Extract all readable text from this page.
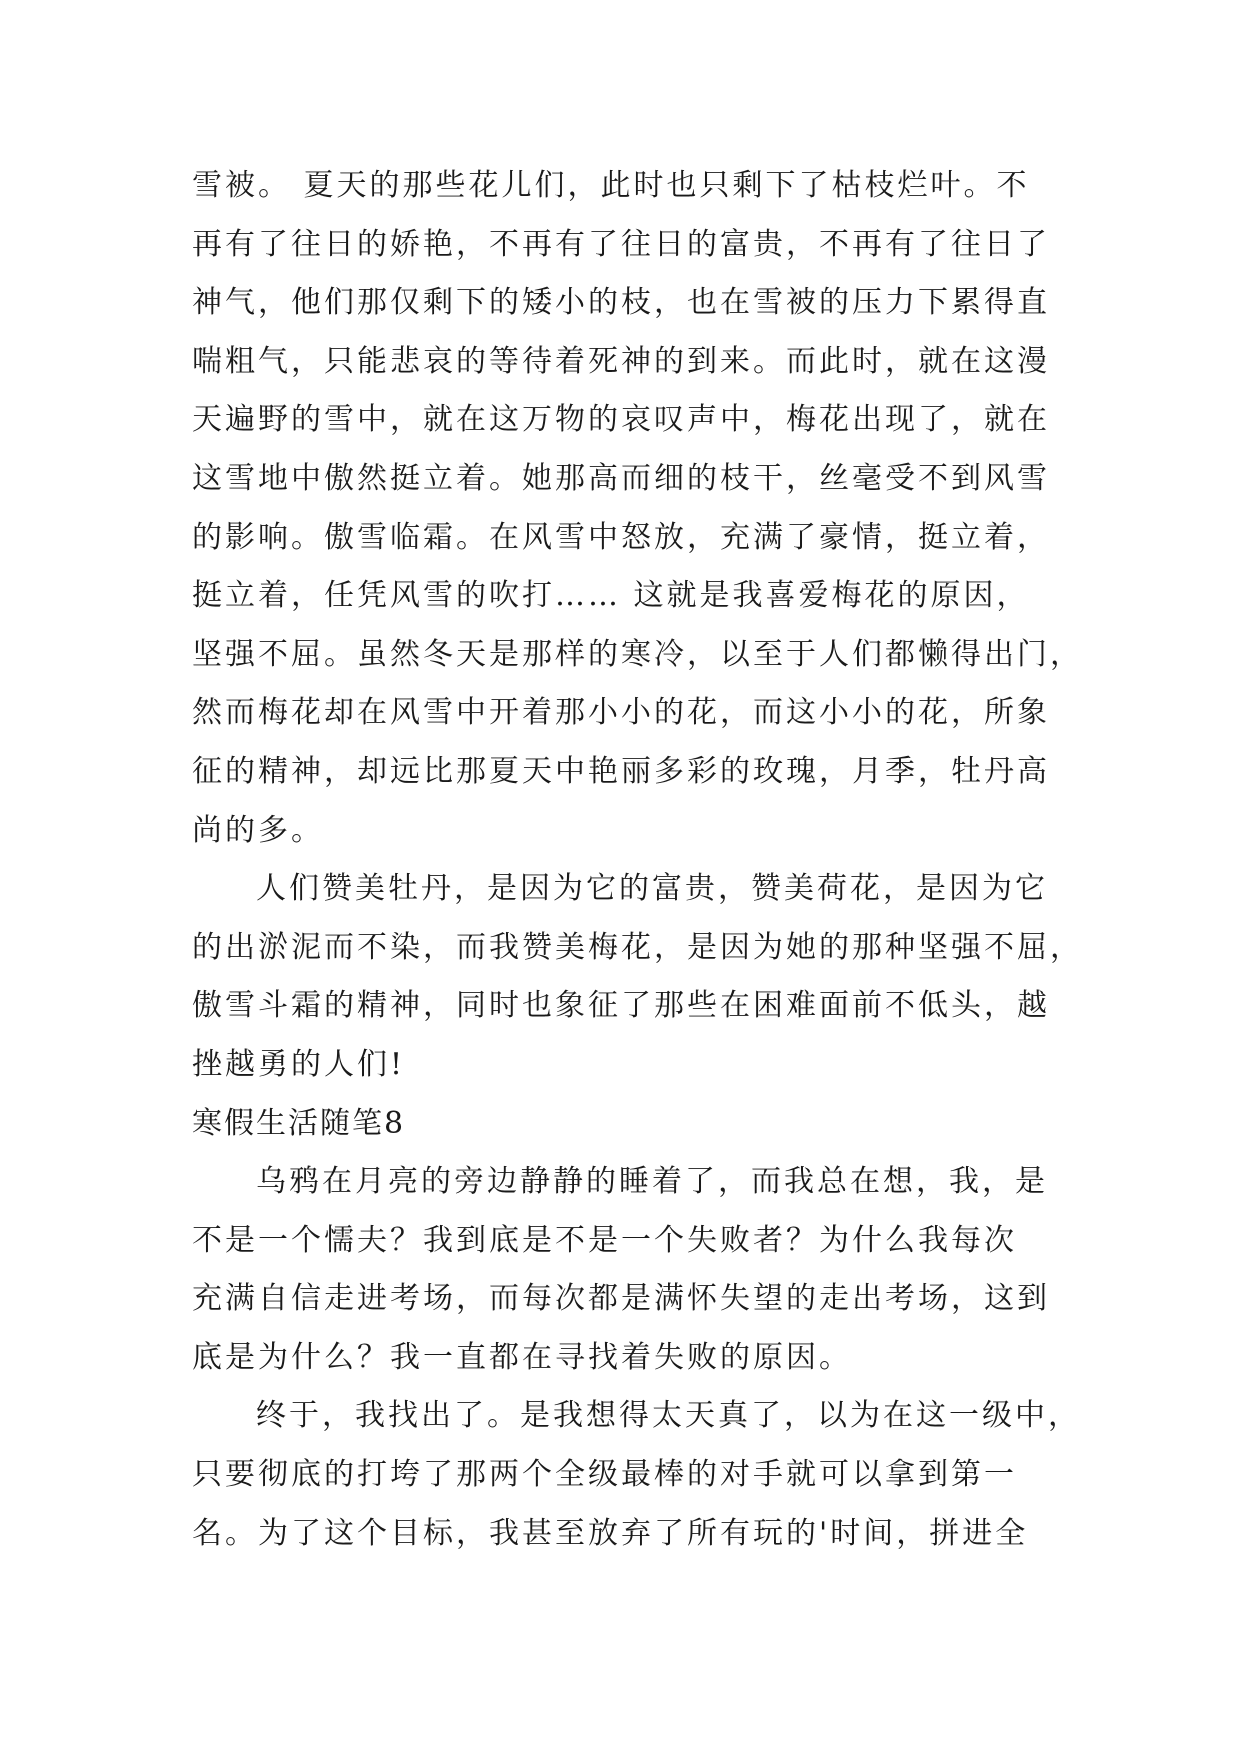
雪被。 夏天的那些花儿们，此时也只剩下了枯枝烂叶。不
再有了往日的娇艳，不再有了往日的富贵，不再有了往日了
神气，他们那仅剩下的矮小的枝，也在雪被的压力下累得直
喘粗气，只能悲哀的等待着死神的到来。而此时，就在这漫
天遍野的雪中，就在这万物的哀叹声中，梅花出现了，就在
这雪地中傲然挺立着。她那高而细的枝干，丝毫受不到风雪
的影响。傲雪临霜。在风雪中怒放，充满了豪情，挺立着，
挺立着，任凭风雪的吹打…… 这就是我喜爱梅花的原因，
坚强不屈。虽然冬天是那样的寒冷，以至于人们都懒得出门，
然而梅花却在风雪中开着那小小的花，而这小小的花，所象
征的精神，却远比那夏天中艳丽多彩的玫瑰，月季，牡丹高
尚的多。
人们赞美牡丹，是因为它的富贵，赞美荷花，是因为它
的出淤泥而不染，而我赞美梅花，是因为她的那种坚强不屈，
傲雪斗霜的精神，同时也象征了那些在困难面前不低头，越
挫越勇的人们!
寒假生活随笔8
乌鸦在月亮的旁边静静的睡着了，而我总在想，我，是
不是一个懦夫？我到底是不是一个失败者？为什么我每次
充满自信走进考场，而每次都是满怀失望的走出考场，这到
底是为什么？我一直都在寻找着失败的原因。
终于，我找出了。是我想得太天真了，以为在这一级中，
只要彻底的打垮了那两个全级最棒的对手就可以拿到第一
名。为了这个目标，我甚至放弃了所有玩的'时间，拼进全
